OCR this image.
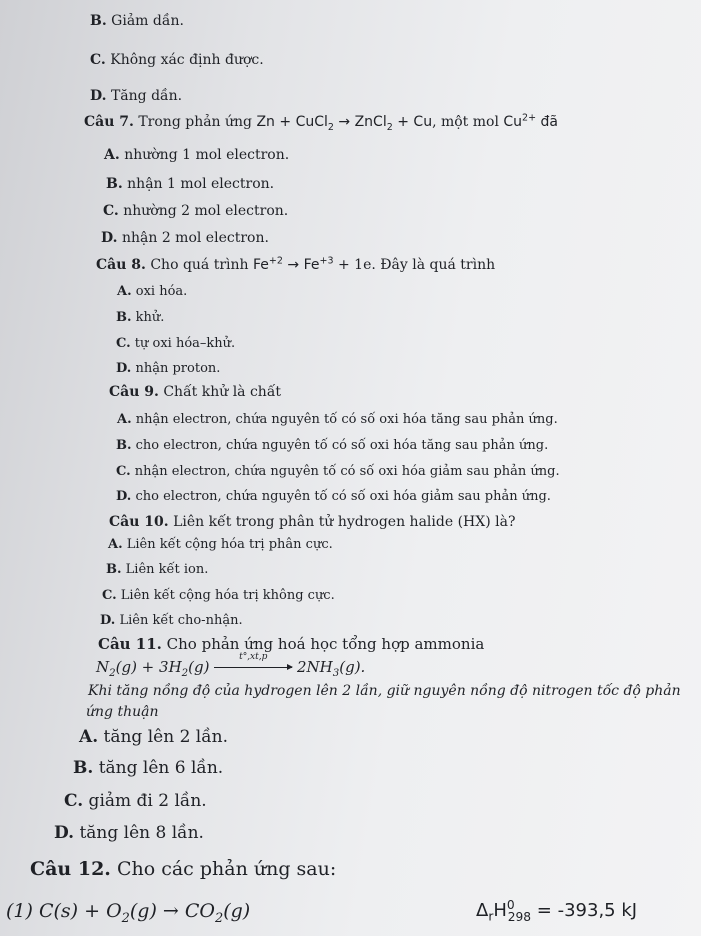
B. Giảm dần.
C. Không xác định được.
D. Tăng dần.
Câu 7. Trong phản ứng Zn + CuCl$_2$ → ZnCl$_2$ + Cu, một mol $Cu^{2+}$ đã
A. nhường 1 mol electron.
B. nhận 1 mol electron.
C. nhường 2 mol electron.
D. nhận 2 mol electron.
Câu 8. Cho quá trình $Fe^{+2} \to Fe^{+3} + 1e$. Đây là quá trình
A. oxi hóa.
B. khử.
C. tự oxi hóa–khử.
D. nhận proton.
Câu 9. Chất khử là chất
A. nhận electron, chứa nguyên tố có số oxi hóa tăng sau phản ứng.
B. cho electron, chứa nguyên tố có số oxi hóa tăng sau phản ứng.
C. nhận electron, chứa nguyên tố có số oxi hóa giảm sau phản ứng.
D. cho electron, chứa nguyên tố có số oxi hóa giảm sau phản ứng.
Câu 10. Liên kết trong phân tử hydrogen halide (HX) là?
A. Liên kết cộng hóa trị phân cực.
B. Liên kết ion.
C. Liên kết cộng hóa trị không cực.
D. Liên kết cho-nhận.
Câu 11. Cho phản ứng hoá học tổng hợp ammonia
$N_2(g) + 3H_2(g)$
t°,xt,p
$2NH_3(g)$.
Khi tăng nồng độ của hydrogen lên 2 lần, giữ nguyên nồng độ nitrogen tốc độ phản
ứng thuận
A. tăng lên 2 lần.
B. tăng lên 6 lần.
C. giảm đi 2 lần.
D. tăng lên 8 lần.
Câu 12. Cho các phản ứng sau:
(1) $C(s) + O_2(g) \to CO_2(g)$	$\Delta_rH^0_{298} = -393,5$ kJ
